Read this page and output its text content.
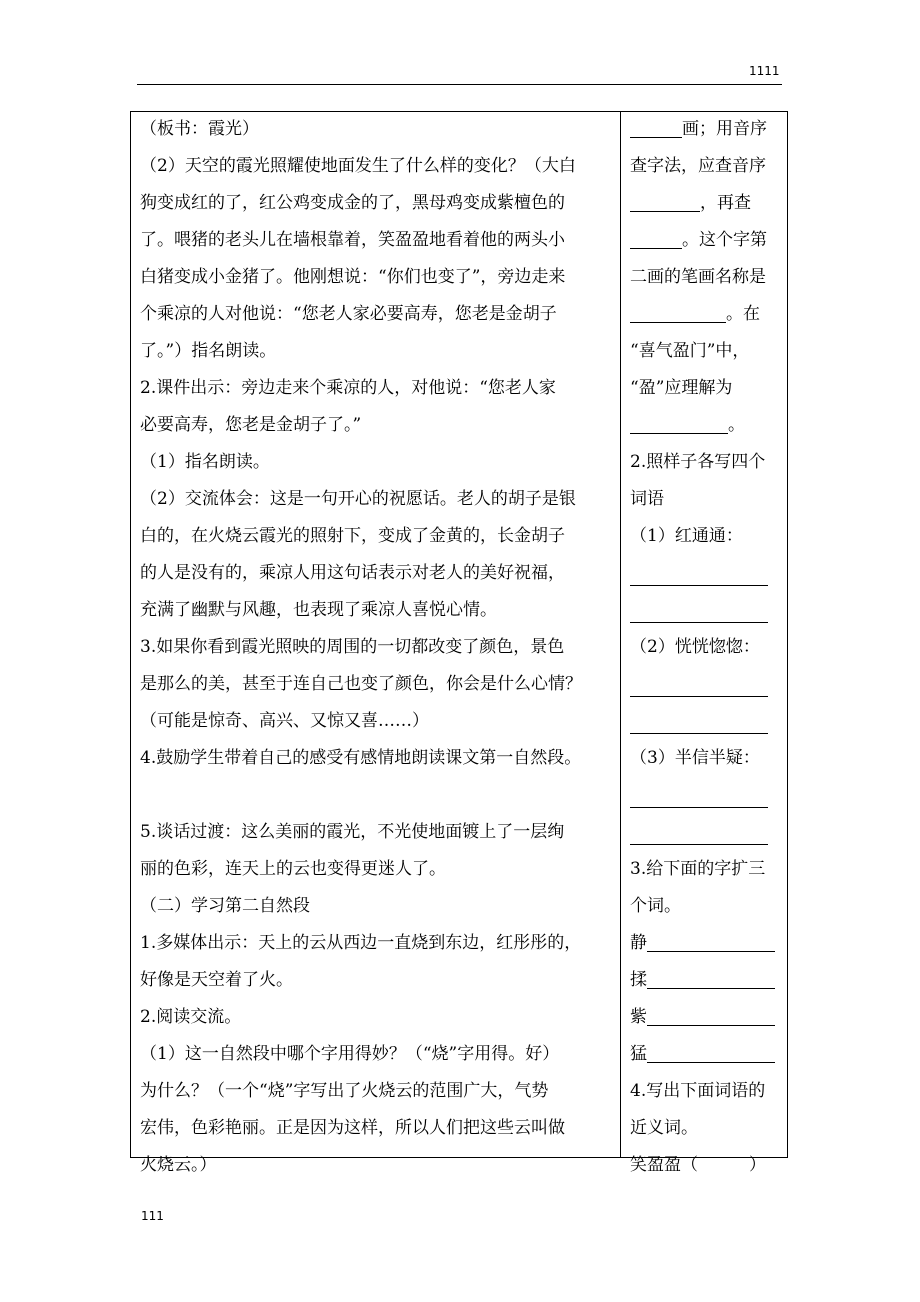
1111
（板书：霞光）
（2）天空的霞光照耀使地面发生了什么样的变化？（大白
狗变成红的了，红公鸡变成金的了，黑母鸡变成紫檀色的
了。喂猪的老头儿在墙根靠着，笑盈盈地看着他的两头小
白猪变成小金猪了。他刚想说：“你们也变了”，旁边走来
个乘凉的人对他说：“您老人家必要高寿，您老是金胡子
了。”）指名朗读。
2.课件出示：旁边走来个乘凉的人，对他说：“您老人家
必要高寿，您老是金胡子了。”
（1）指名朗读。
（2）交流体会：这是一句开心的祝愿话。老人的胡子是银
白的，在火烧云霞光的照射下，变成了金黄的，长金胡子
的人是没有的，乘凉人用这句话表示对老人的美好祝福，
充满了幽默与风趣，也表现了乘凉人喜悦心情。
3.如果你看到霞光照映的周围的一切都改变了颜色，景色
是那么的美，甚至于连自己也变了颜色，你会是什么心情？
（可能是惊奇、高兴、又惊又喜……）
4.鼓励学生带着自己的感受有感情地朗读课文第一自然段。
5.谈话过渡：这么美丽的霞光，不光使地面镀上了一层绚
丽的色彩，连天上的云也变得更迷人了。
（二）学习第二自然段
1.多媒体出示：天上的云从西边一直烧到东边，红彤彤的，
好像是天空着了火。
2.阅读交流。
（1）这一自然段中哪个字用得妙？（“烧”字用得。好）
为什么？（一个“烧”字写出了火烧云的范围广大，气势
宏伟，色彩艳丽。正是因为这样，所以人们把这些云叫做
火烧云。）
画；用音序
查字法，应查音序
，再查
。这个字第
二画的笔画名称是
。在
“喜气盈门”中，
“盈”应理解为
。
2.照样子各写四个
词语
（1）红通通：
（2）恍恍惚惚：
（3）半信半疑：
3.给下面的字扩三
个词。
静
揉
紫
猛
4.写出下面词语的
近义词。
笑盈盈（　　　）
111
